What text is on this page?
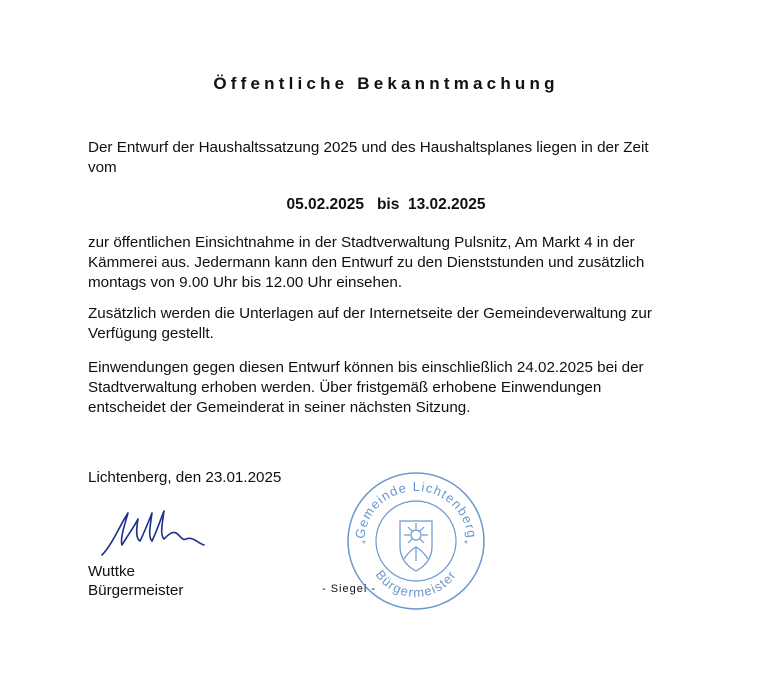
Öffentliche Bekanntmachung
Der Entwurf der Haushaltssatzung 2025 und des Haushaltsplanes liegen in der Zeit
vom
05.02.2025   bis  13.02.2025
zur öffentlichen Einsichtnahme in der Stadtverwaltung Pulsnitz, Am Markt 4 in der
Kämmerei aus. Jedermann kann den Entwurf zu den Dienststunden und zusätzlich
montags von 9.00 Uhr bis 12.00 Uhr einsehen.
Zusätzlich werden die Unterlagen auf der Internetseite der Gemeindeverwaltung zur
Verfügung gestellt.
Einwendungen gegen diesen Entwurf können bis einschließlich 24.02.2025 bei der
Stadtverwaltung erhoben werden. Über fristgemäß erhobene Einwendungen
entscheidet der Gemeinderat in seiner nächsten Sitzung.
Lichtenberg, den 23.01.2025
Wuttke
Bürgermeister	- Siegel -
Gemeinde Lichtenberg
Bürgermeister
*	*
